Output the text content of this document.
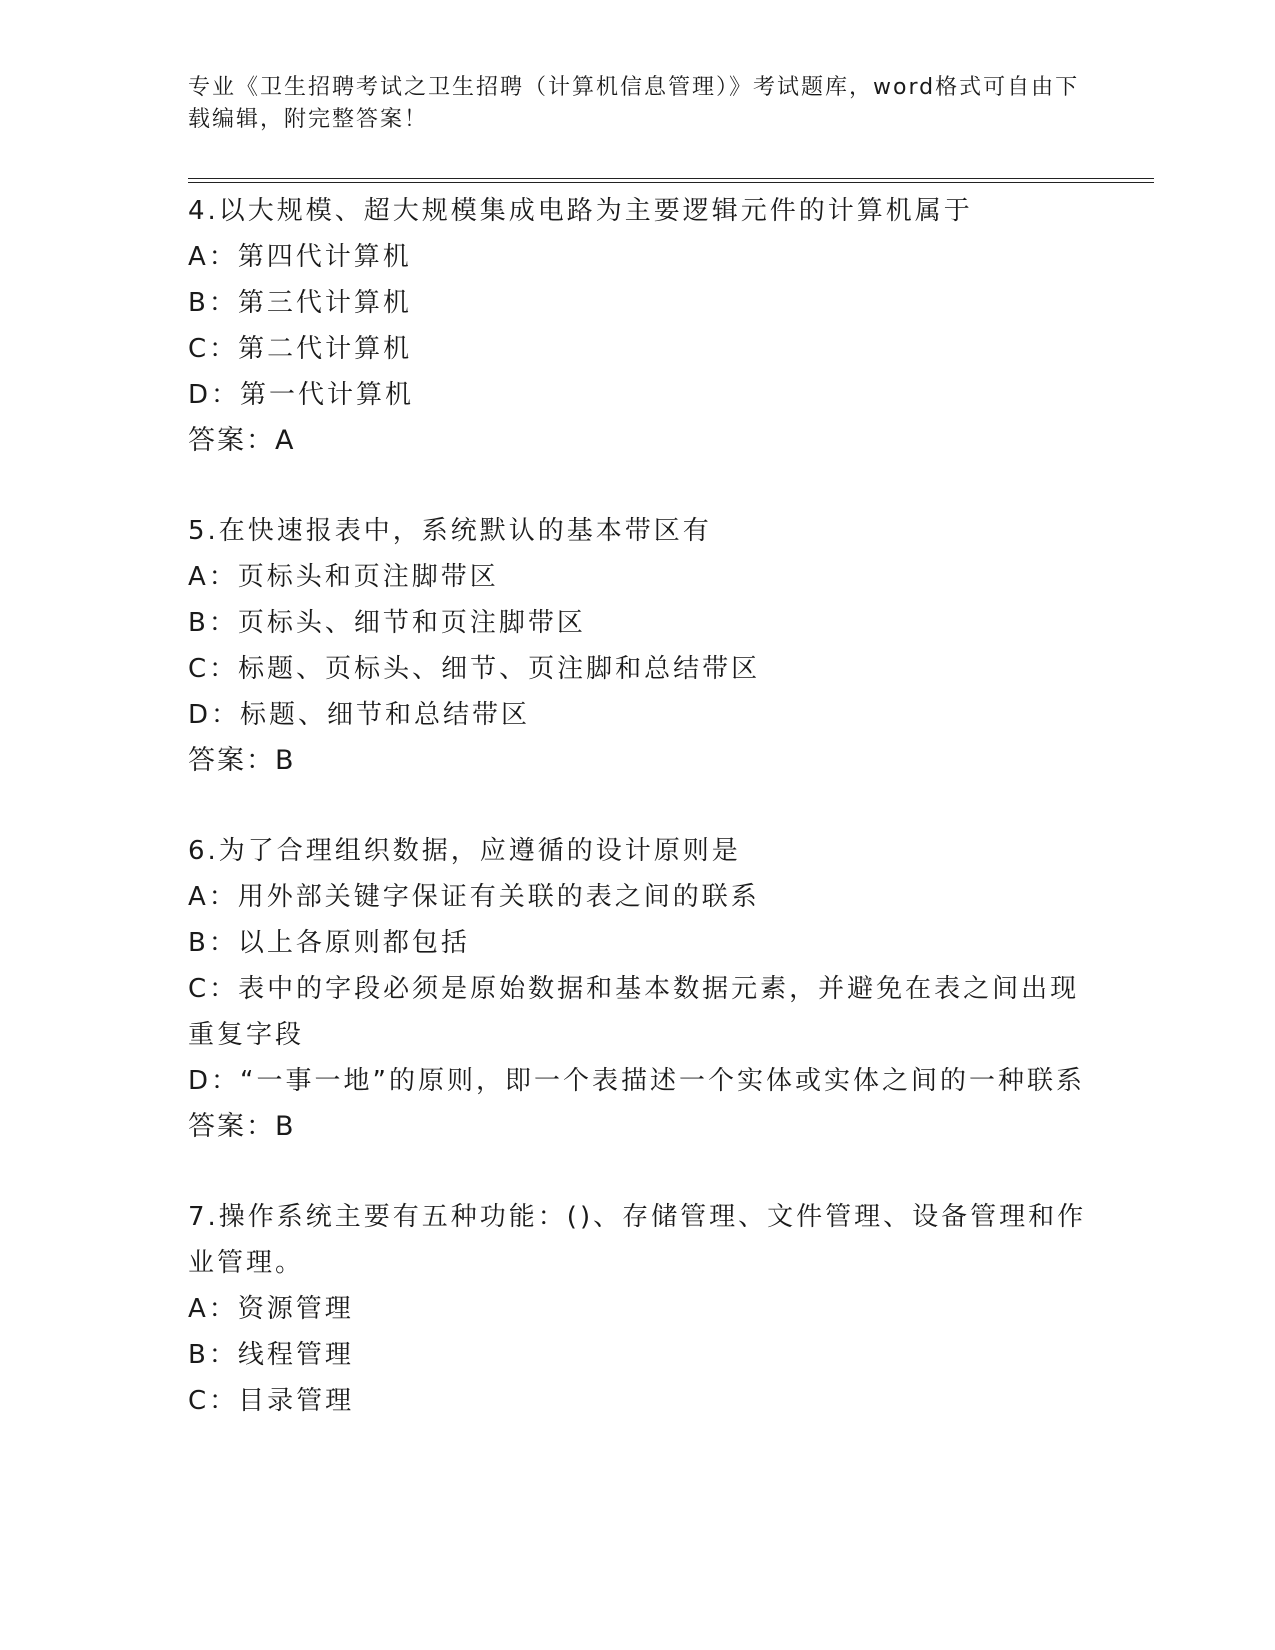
专业《卫生招聘考试之卫生招聘（计算机信息管理）》考试题库，word格式可自由下载编辑，附完整答案！
4.以大规模、超大规模集成电路为主要逻辑元件的计算机属于
A：第四代计算机
B：第三代计算机
C：第二代计算机
D：第一代计算机
答案：A
5.在快速报表中，系统默认的基本带区有
A：页标头和页注脚带区
B：页标头、细节和页注脚带区
C：标题、页标头、细节、页注脚和总结带区
D：标题、细节和总结带区
答案：B
6.为了合理组织数据，应遵循的设计原则是
A：用外部关键字保证有关联的表之间的联系
B：以上各原则都包括
C：表中的字段必须是原始数据和基本数据元素，并避免在表之间出现重复字段
D：“一事一地”的原则，即一个表描述一个实体或实体之间的一种联系
答案：B
7.操作系统主要有五种功能：()、存储管理、文件管理、设备管理和作业管理。
A：资源管理
B：线程管理
C：目录管理
